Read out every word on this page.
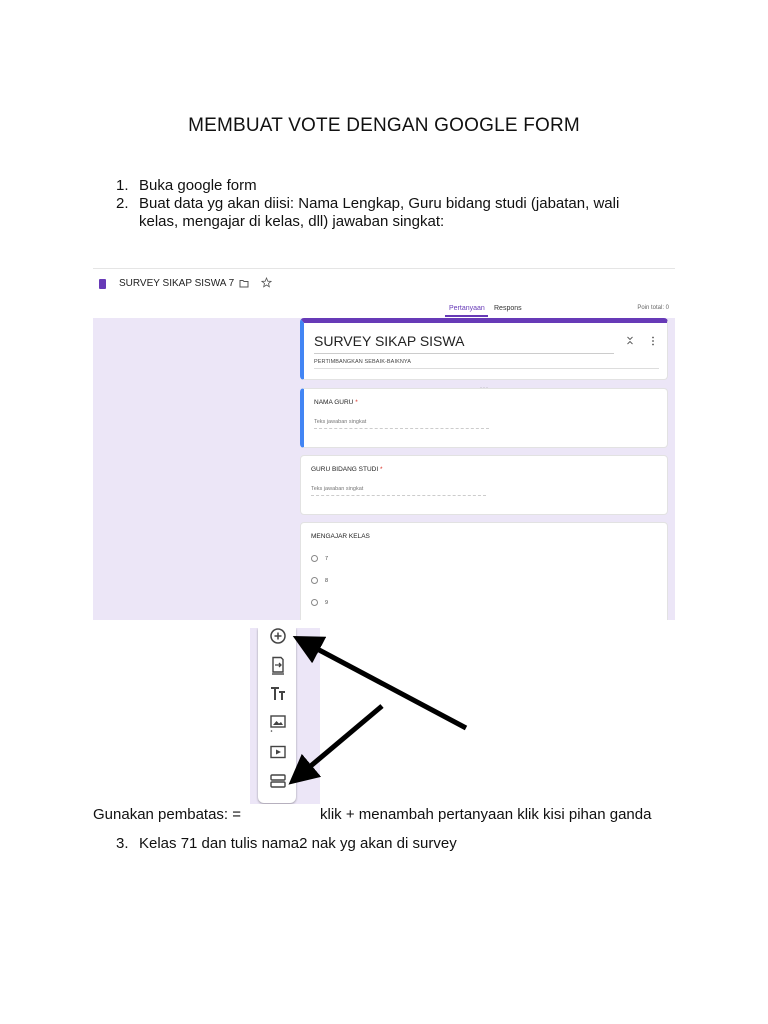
MEMBUAT VOTE DENGAN GOOGLE FORM
1. Buka google form
2. Buat data yg akan diisi: Nama Lengkap, Guru bidang studi (jabatan, wali kelas, mengajar di kelas, dll) jawaban singkat:
SURVEY SIKAP SISWA 7
Pertanyaan Respons	Poin total: 0
SURVEY SIKAP SISWA
PERTIMBANGKAN SEBAIK-BAIKNYA
NAMA GURU *
Teks jawaban singkat
GURU BIDANG STUDI *
Teks jawaban singkat
MENGAJAR KELAS
7
8
9
Gunakan pembatas: =	klik + menambah pertanyaan klik kisi pihan ganda
3. Kelas 71 dan tulis nama2 nak yg akan di survey
